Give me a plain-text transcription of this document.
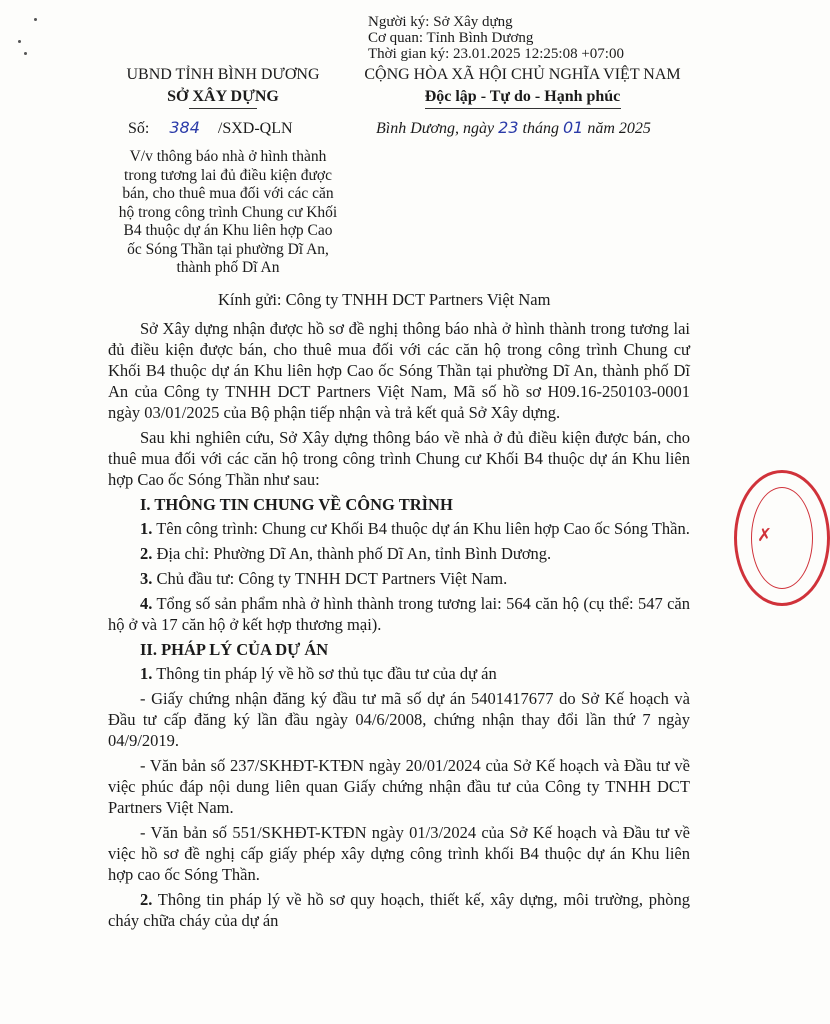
Người ký: Sở Xây dựng
Cơ quan: Tỉnh Bình Dương
Thời gian ký: 23.01.2025 12:25:08 +07:00
UBND TỈNH BÌNH DƯƠNG
SỞ XÂY DỰNG
CỘNG HÒA XÃ HỘI CHỦ NGHĨA VIỆT NAM
Độc lập - Tự do - Hạnh phúc
Số: 384 /SXD-QLN	Bình Dương, ngày 23 tháng 01 năm 2025
V/v thông báo nhà ở hình thành
trong tương lai đủ điều kiện được
bán, cho thuê mua đối với các căn
hộ trong công trình Chung cư Khối
B4 thuộc dự án Khu liên hợp Cao
ốc Sóng Thần tại phường Dĩ An,
thành phố Dĩ An
Kính gửi: Công ty TNHH DCT Partners Việt Nam

Sở Xây dựng nhận được hồ sơ đề nghị thông báo nhà ở hình thành trong tương lai đủ điều kiện được bán, cho thuê mua đối với các căn hộ trong công trình Chung cư Khối B4 thuộc dự án Khu liên hợp Cao ốc Sóng Thần tại phường Dĩ An, thành phố Dĩ An của Công ty TNHH DCT Partners Việt Nam, Mã số hồ sơ H09.16-250103-0001 ngày 03/01/2025 của Bộ phận tiếp nhận và trả kết quả Sở Xây dựng.

Sau khi nghiên cứu, Sở Xây dựng thông báo về nhà ở đủ điều kiện được bán, cho thuê mua đối với các căn hộ trong công trình Chung cư Khối B4 thuộc dự án Khu liên hợp Cao ốc Sóng Thần như sau:

I. THÔNG TIN CHUNG VỀ CÔNG TRÌNH

1. Tên công trình: Chung cư Khối B4 thuộc dự án Khu liên hợp Cao ốc Sóng Thần.

2. Địa chỉ: Phường Dĩ An, thành phố Dĩ An, tỉnh Bình Dương.

3. Chủ đầu tư: Công ty TNHH DCT Partners Việt Nam.

4. Tổng số sản phẩm nhà ở hình thành trong tương lai: 564 căn hộ (cụ thể: 547 căn hộ ở và 17 căn hộ ở kết hợp thương mại).

II. PHÁP LÝ CỦA DỰ ÁN

1. Thông tin pháp lý về hồ sơ thủ tục đầu tư của dự án

- Giấy chứng nhận đăng ký đầu tư mã số dự án 5401417677 do Sở Kế hoạch và Đầu tư cấp đăng ký lần đầu ngày 04/6/2008, chứng nhận thay đổi lần thứ 7 ngày 04/9/2019.

- Văn bản số 237/SKHĐT-KTĐN ngày 20/01/2024 của Sở Kế hoạch và Đầu tư về việc phúc đáp nội dung liên quan Giấy chứng nhận đầu tư của Công ty TNHH DCT Partners Việt Nam.

- Văn bản số 551/SKHĐT-KTĐN ngày 01/3/2024 của Sở Kế hoạch và Đầu tư về việc hồ sơ đề nghị cấp giấy phép xây dựng công trình khối B4 thuộc dự án Khu liên hợp cao ốc Sóng Thần.

2. Thông tin pháp lý về hồ sơ quy hoạch, thiết kế, xây dựng, môi trường, phòng cháy chữa cháy của dự án

✗
